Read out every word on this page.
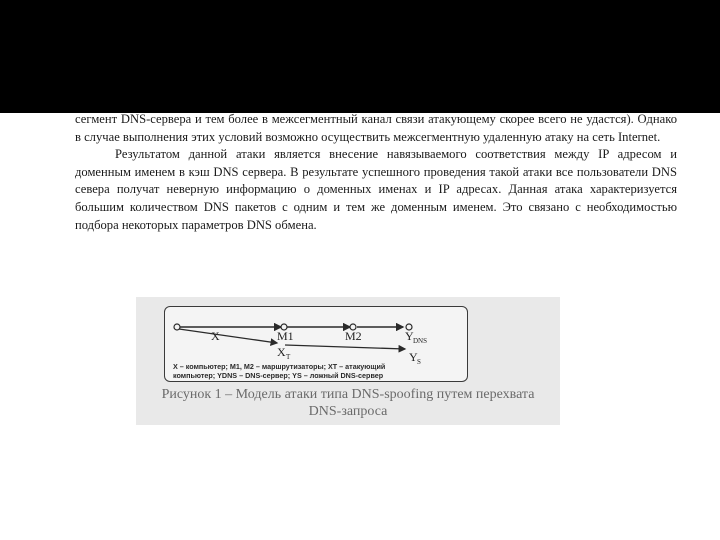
сегмент DNS-сервера и тем более в межсегментный канал связи атакующему скорее всего не удастся). Однако в случае выполнения этих условий возможно осуществить межсегментную удаленную атаку на сеть Internet.

Результатом данной атаки является внесение навязываемого соответствия между IP адресом и доменным именем в кэш DNS сервера. В результате успешного проведения такой атаки все пользователи DNS севера получат неверную информацию о доменных именах и IP адресах. Данная атака характеризуется большим количеством DNS пакетов с одним и тем же доменным именем. Это связано с необходимостью подбора некоторых параметров DNS обмена.

X	M1	M2	Y DNS
X T	Y S
X – компьютер; M1, M2 – маршрутизаторы; XT – атакующий
компьютер; YDNS – DNS-сервер; YS – ложный DNS-сервер
Рисунок 1 – Модель атаки типа DNS-spoofing путем перехвата
DNS-запроса
